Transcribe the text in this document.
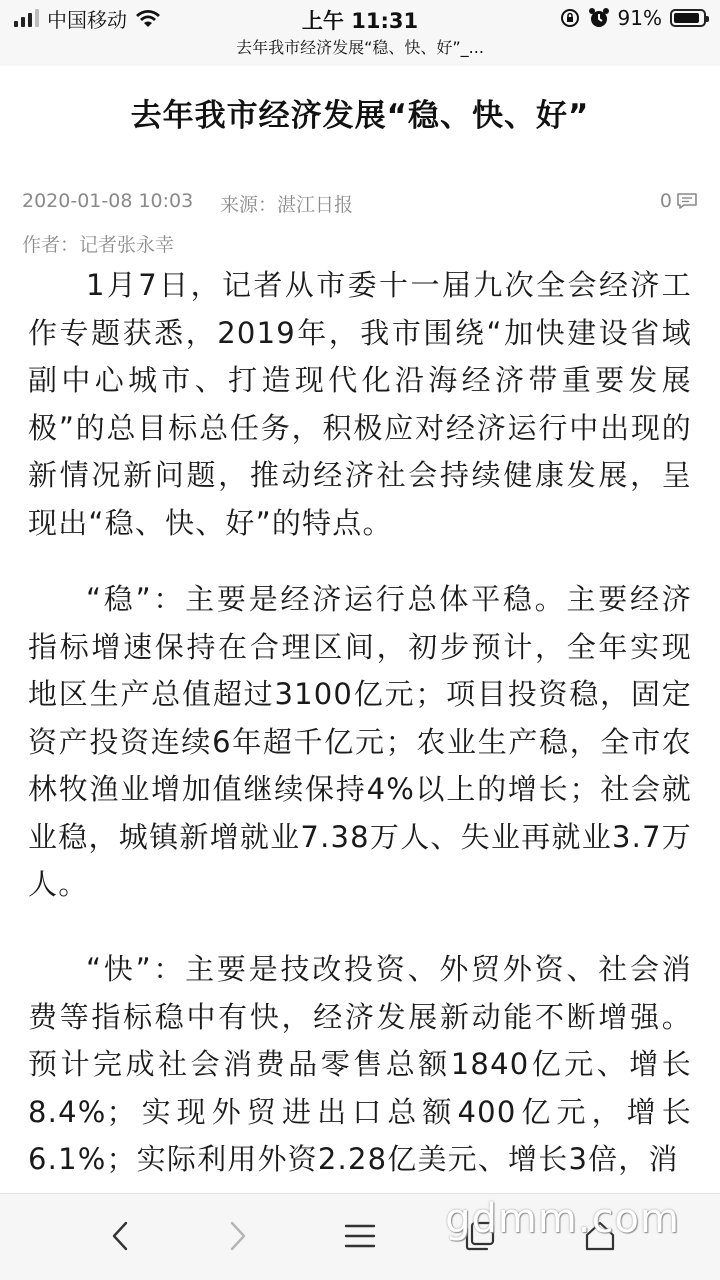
中国移动	上午 11:31	91%
去年我市经济发展“稳、快、好”_...
去年我市经济发展“稳、快、好”
2020-01-08 10:03 来源：湛江日报	0
作者：记者张永幸

1月7日，记者从市委十一届九次全会经济工作专题获悉，2019年，我市围绕“加快建设省域副中心城市、打造现代化沿海经济带重要发展极”的总目标总任务，积极应对经济运行中出现的新情况新问题，推动经济社会持续健康发展，呈现出“稳、快、好”的特点。

“稳”：主要是经济运行总体平稳。主要经济指标增速保持在合理区间，初步预计，全年实现地区生产总值超过3100亿元；项目投资稳，固定资产投资连续6年超千亿元；农业生产稳，全市农林牧渔业增加值继续保持4%以上的增长；社会就业稳，城镇新增就业7.38万人、失业再就业3.7万人。

“快”：主要是技改投资、外贸外资、社会消费等指标稳中有快，经济发展新动能不断增强。预计完成社会消费品零售总额1840亿元、增长8.4%；实现外贸进出口总额400亿元，增长6.1%；实际利用外资2.28亿美元、增长3倍，消

gdmm.com
